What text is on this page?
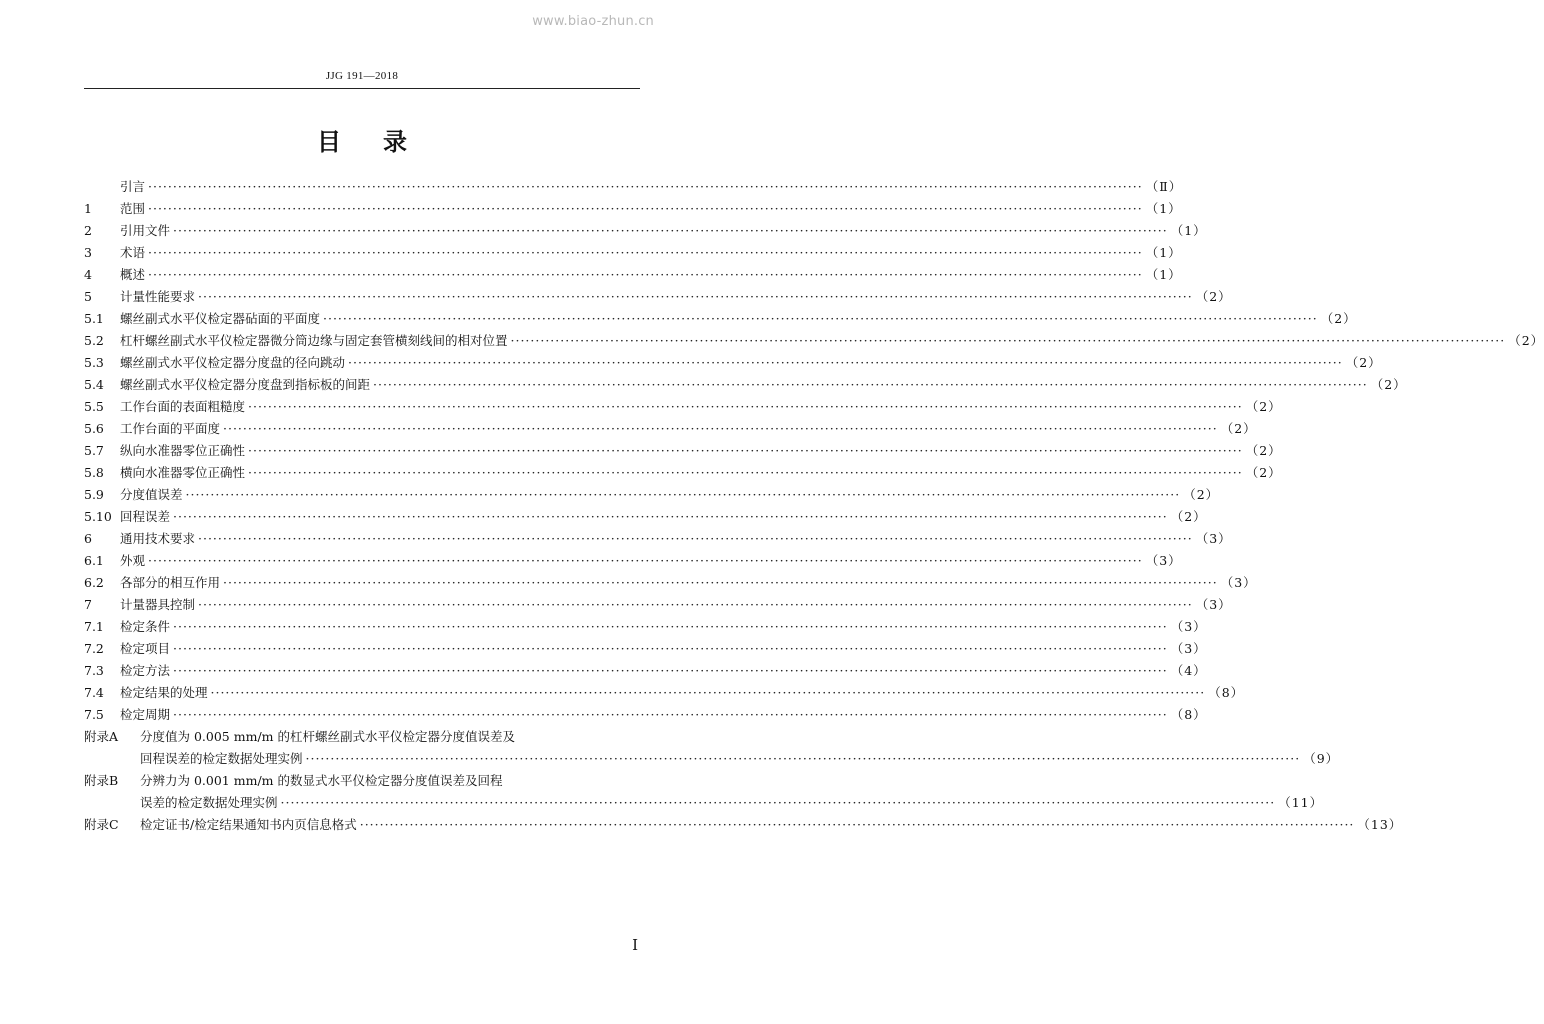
www.biao-zhun.cn
JJG 191—2018
目录
引言 ········································································································································································································ （Ⅱ）
1	范围 ········································································································································································································ （1）
2	引用文件 ········································································································································································································ （1）
3	术语 ········································································································································································································ （1）
4	概述 ········································································································································································································ （1）
5	计量性能要求 ········································································································································································································ （2）
5.1	螺丝副式水平仪检定器砧面的平面度 ········································································································································································································ （2）
5.2	杠杆螺丝副式水平仪检定器微分筒边缘与固定套管横刻线间的相对位置 ········································································································································································································ （2）
5.3	螺丝副式水平仪检定器分度盘的径向跳动 ········································································································································································································ （2）
5.4	螺丝副式水平仪检定器分度盘到指标板的间距 ········································································································································································································ （2）
5.5	工作台面的表面粗糙度 ········································································································································································································ （2）
5.6	工作台面的平面度 ········································································································································································································ （2）
5.7	纵向水准器零位正确性 ········································································································································································································ （2）
5.8	横向水准器零位正确性 ········································································································································································································ （2）
5.9	分度值误差 ········································································································································································································ （2）
5.10 回程误差 ········································································································································································································ （2）
6	通用技术要求 ········································································································································································································ （3）
6.1	外观 ········································································································································································································ （3）
6.2	各部分的相互作用 ········································································································································································································ （3）
7	计量器具控制 ········································································································································································································ （3）
7.1	检定条件 ········································································································································································································ （3）
7.2	检定项目 ········································································································································································································ （3）
7.3	检定方法 ········································································································································································································ （4）
7.4	检定结果的处理 ········································································································································································································ （8）
7.5	检定周期 ········································································································································································································ （8）
附录A	分度值为 0.005 mm/m 的杠杆螺丝副式水平仪检定器分度值误差及
回程误差的检定数据处理实例 ········································································································································································································ （9）
附录B	分辨力为 0.001 mm/m 的数显式水平仪检定器分度值误差及回程
误差的检定数据处理实例 ········································································································································································································ （11）
附录C	检定证书/检定结果通知书内页信息格式 ········································································································································································································ （13）
Ⅰ
